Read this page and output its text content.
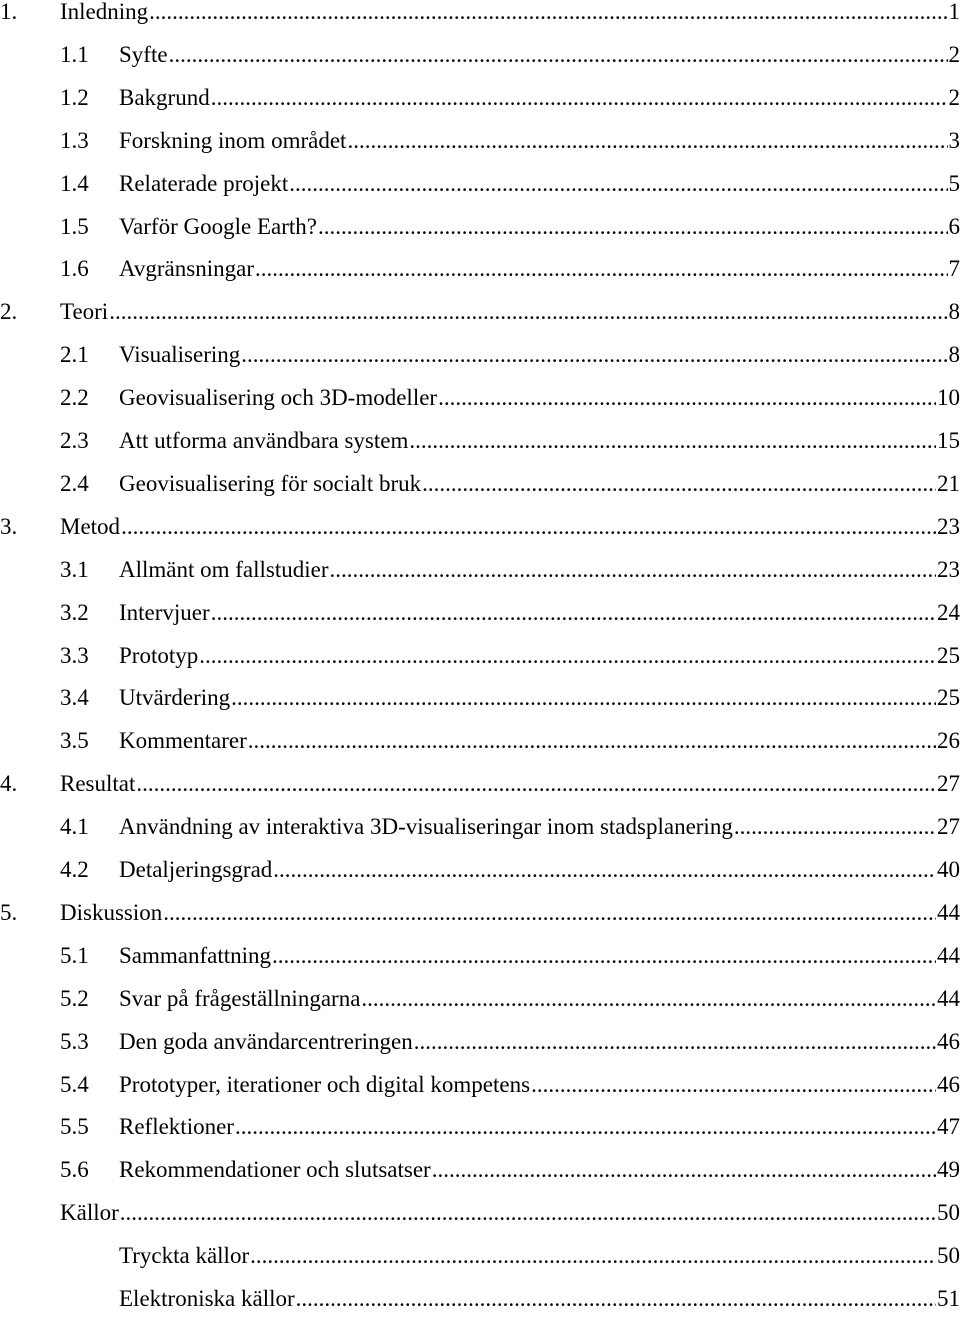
1. Inledning .....	1
1.1 Syfte .....	2
1.2 Bakgrund .....	2
1.3 Forskning inom området .....	3
1.4 Relaterade projekt .....	5
1.5 Varför Google Earth? .....	6
1.6 Avgränsningar .....	7
2. Teori .....	8
2.1 Visualisering .....	8
2.2 Geovisualisering och 3D-modeller .....	10
2.3 Att utforma användbara system .....	15
2.4 Geovisualisering för socialt bruk .....	21
3. Metod .....	23
3.1 Allmänt om fallstudier .....	23
3.2 Intervjuer .....	24
3.3 Prototyp .....	25
3.4 Utvärdering .....	25
3.5 Kommentarer .....	26
4. Resultat .....	27
4.1 Användning av interaktiva 3D-visualiseringar inom stadsplanering .....	27
4.2 Detaljeringsgrad .....	40
5. Diskussion .....	44
5.1 Sammanfattning .....	44
5.2 Svar på frågeställningarna .....	44
5.3 Den goda användarcentreringen .....	46
5.4 Prototyper, iterationer och digital kompetens .....	46
5.5 Reflektioner .....	47
5.6 Rekommendationer och slutsatser .....	49
Källor .....	50
Tryckta källor .....	50
Elektroniska källor .....	51
